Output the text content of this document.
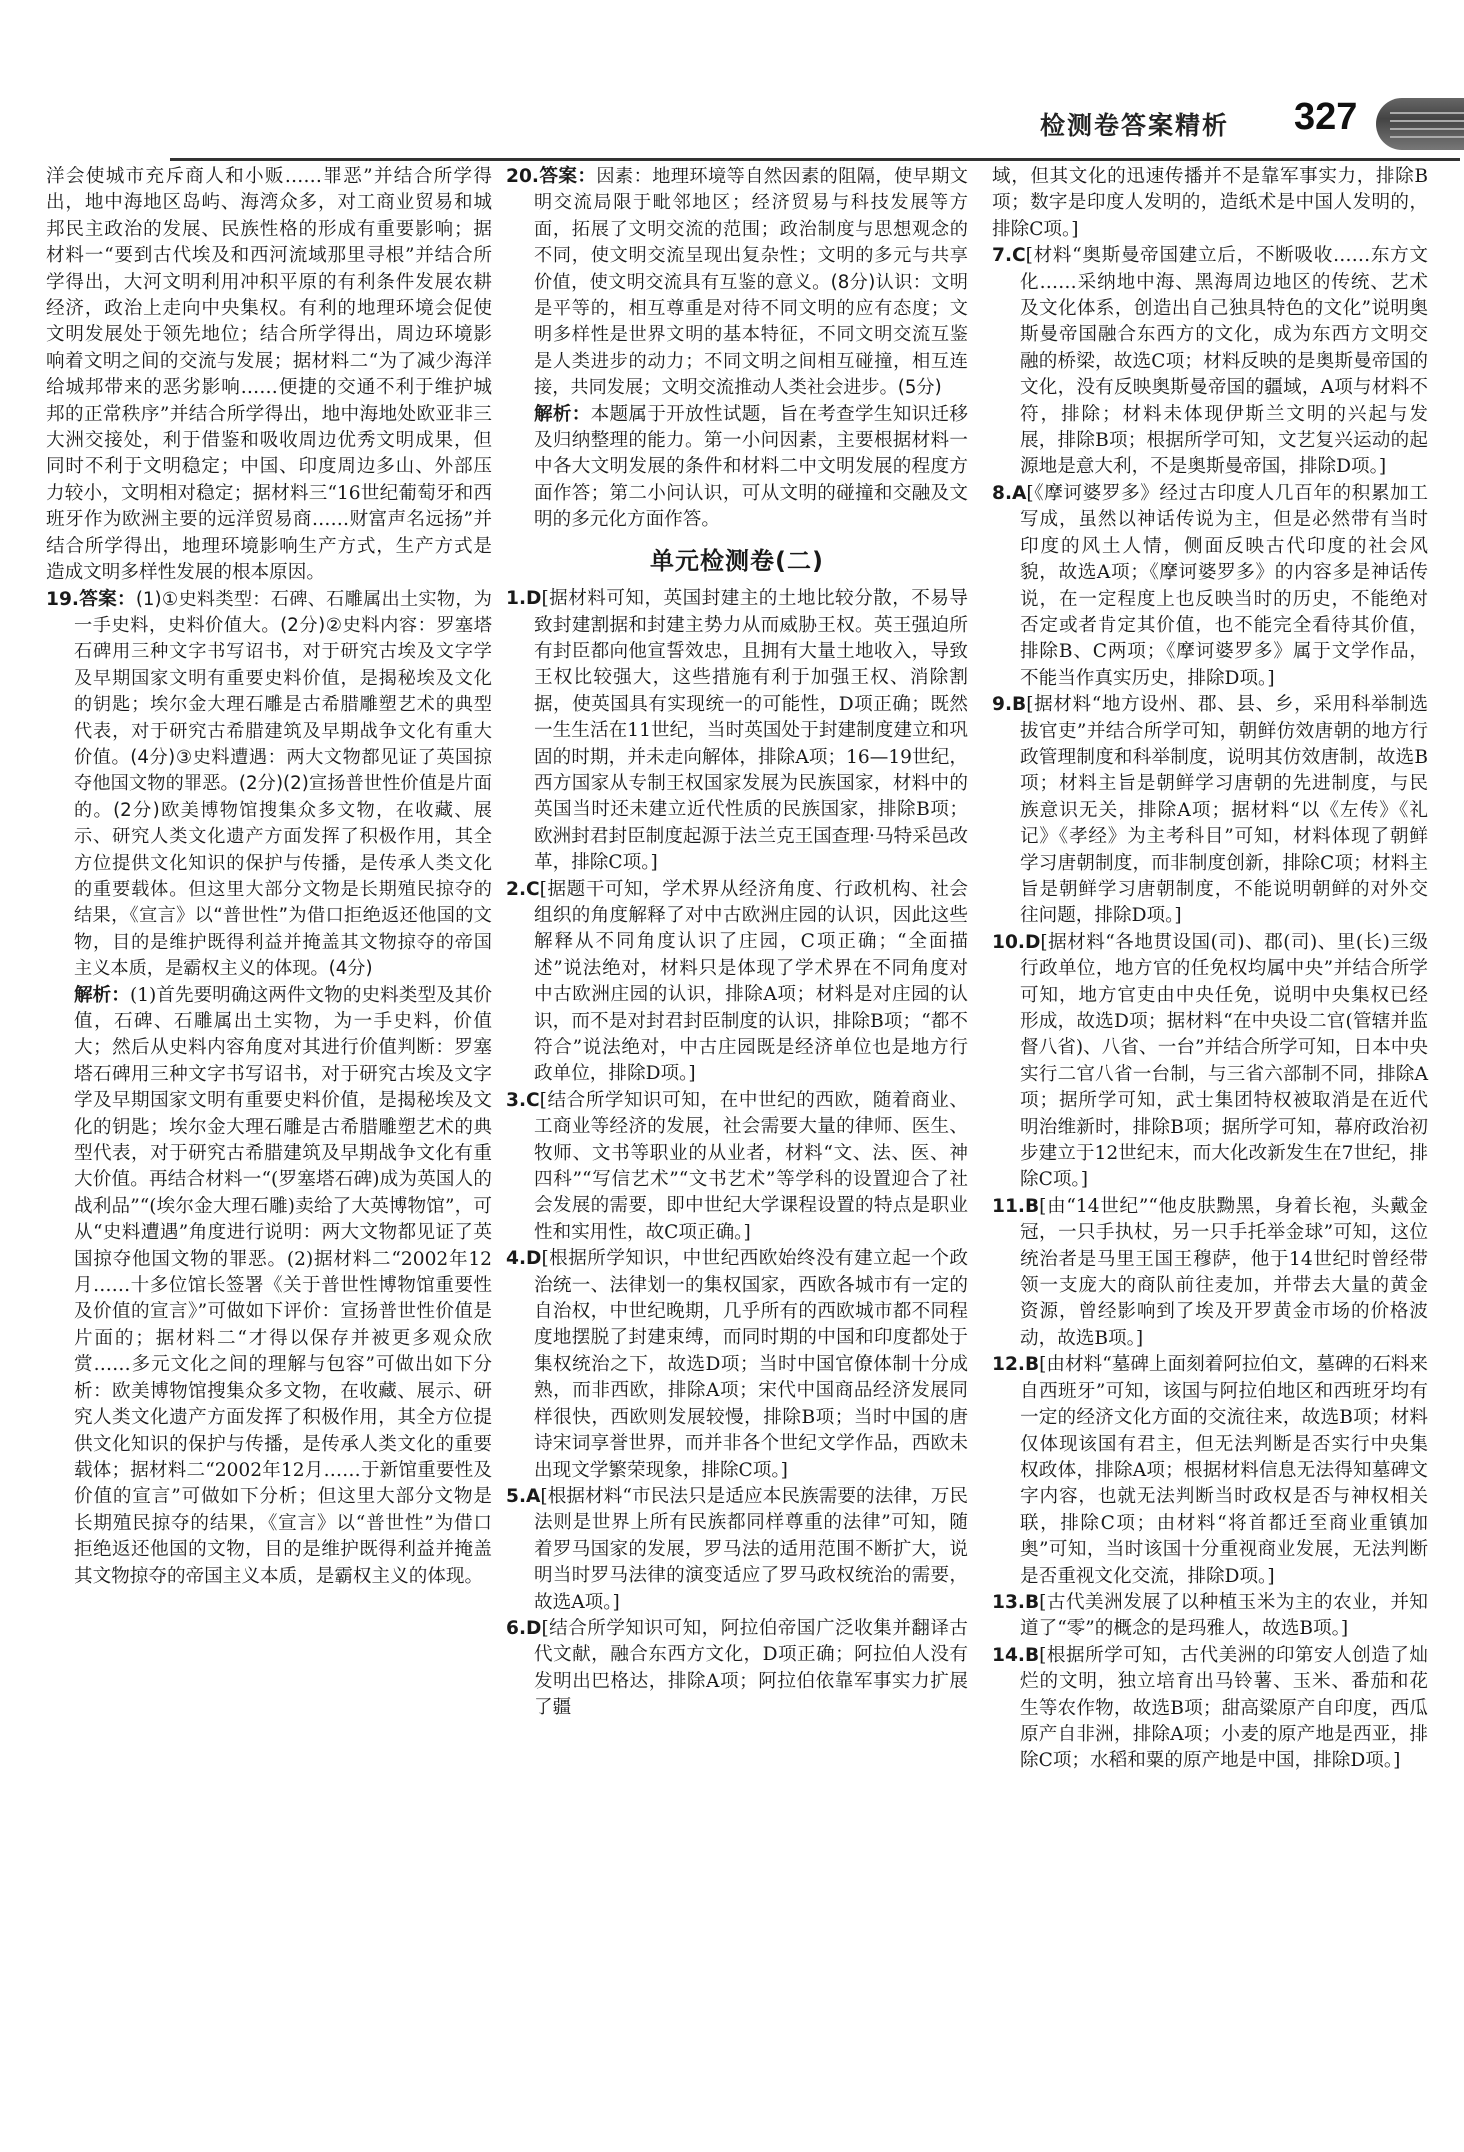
检测卷答案精析 327

洋会使城市充斥商人和小贩……罪恶”并结合所学得出，地中海地区岛屿、海湾众多，对工商业贸易和城邦民主政治的发展、民族性格的形成有重要影响；据材料一“要到古代埃及和西河流域那里寻根”并结合所学得出，大河文明利用冲积平原的有利条件发展农耕经济，政治上走向中央集权。有利的地理环境会促使文明发展处于领先地位；结合所学得出，周边环境影响着文明之间的交流与发展；据材料二“为了减少海洋给城邦带来的恶劣影响……便捷的交通不利于维护城邦的正常秩序”并结合所学得出，地中海地处欧亚非三大洲交接处，利于借鉴和吸收周边优秀文明成果，但同时不利于文明稳定；中国、印度周边多山、外部压力较小，文明相对稳定；据材料三“16世纪葡萄牙和西班牙作为欧洲主要的远洋贸易商……财富声名远扬”并结合所学得出，地理环境影响生产方式，生产方式是造成文明多样性发展的根本原因。

19.答案：(1)①史料类型：石碑、石雕属出土实物，为一手史料，史料价值大。(2分)②史料内容：罗塞塔石碑用三种文字书写诏书，对于研究古埃及文字学及早期国家文明有重要史料价值，是揭秘埃及文化的钥匙；埃尔金大理石雕是古希腊雕塑艺术的典型代表，对于研究古希腊建筑及早期战争文化有重大价值。(4分)③史料遭遇：两大文物都见证了英国掠夺他国文物的罪恶。(2分)(2)宣扬普世性价值是片面的。(2分)欧美博物馆搜集众多文物，在收藏、展示、研究人类文化遗产方面发挥了积极作用，其全方位提供文化知识的保护与传播，是传承人类文化的重要载体。但这里大部分文物是长期殖民掠夺的结果，《宣言》以“普世性”为借口拒绝返还他国的文物，目的是维护既得利益并掩盖其文物掠夺的帝国主义本质，是霸权主义的体现。(4分)

解析：(1)首先要明确这两件文物的史料类型及其价值，石碑、石雕属出土实物，为一手史料，价值大；然后从史料内容角度对其进行价值判断：罗塞塔石碑用三种文字书写诏书，对于研究古埃及文字学及早期国家文明有重要史料价值，是揭秘埃及文化的钥匙；埃尔金大理石雕是古希腊雕塑艺术的典型代表，对于研究古希腊建筑及早期战争文化有重大价值。再结合材料一“(罗塞塔石碑)成为英国人的战利品”“(埃尔金大理石雕)卖给了大英博物馆”，可从“史料遭遇”角度进行说明：两大文物都见证了英国掠夺他国文物的罪恶。(2)据材料二“2002年12月……十多位馆长签署《关于普世性博物馆重要性及价值的宣言》”可做如下评价：宣扬普世性价值是片面的；据材料二“才得以保存并被更多观众欣赏……多元文化之间的理解与包容”可做出如下分析：欧美博物馆搜集众多文物，在收藏、展示、研究人类文化遗产方面发挥了积极作用，其全方位提供文化知识的保护与传播，是传承人类文化的重要载体；据材料二“2002年12月……于新馆重要性及价值的宣言”可做如下分析；但这里大部分文物是长期殖民掠夺的结果，《宣言》以“普世性”为借口拒绝返还他国的文物，目的是维护既得利益并掩盖其文物掠夺的帝国主义本质，是霸权主义的体现。

20.答案：因素：地理环境等自然因素的阻隔，使早期文明交流局限于毗邻地区；经济贸易与科技发展等方面，拓展了文明交流的范围；政治制度与思想观念的不同，使文明交流呈现出复杂性；文明的多元与共享价值，使文明交流具有互鉴的意义。(8分)认识：文明是平等的，相互尊重是对待不同文明的应有态度；文明多样性是世界文明的基本特征，不同文明交流互鉴是人类进步的动力；不同文明之间相互碰撞，相互连接，共同发展；文明交流推动人类社会进步。(5分)

解析：本题属于开放性试题，旨在考查学生知识迁移及归纳整理的能力。第一小问因素，主要根据材料一中各大文明发展的条件和材料二中文明发展的程度方面作答；第二小问认识，可从文明的碰撞和交融及文明的多元化方面作答。

单元检测卷(二)

1.D[据材料可知，英国封建主的土地比较分散，不易导致封建割据和封建主势力从而威胁王权。英王强迫所有封臣都向他宣誓效忠，且拥有大量土地收入，导致王权比较强大，这些措施有利于加强王权、消除割据，使英国具有实现统一的可能性，D项正确；既然一生生活在11世纪，当时英国处于封建制度建立和巩固的时期，并未走向解体，排除A项；16—19世纪，西方国家从专制王权国家发展为民族国家，材料中的英国当时还未建立近代性质的民族国家，排除B项；欧洲封君封臣制度起源于法兰克王国查理·马特采邑改革，排除C项。]

2.C[据题干可知，学术界从经济角度、行政机构、社会组织的角度解释了对中古欧洲庄园的认识，因此这些解释从不同角度认识了庄园，C项正确；“全面描述”说法绝对，材料只是体现了学术界在不同角度对中古欧洲庄园的认识，排除A项；材料是对庄园的认识，而不是对封君封臣制度的认识，排除B项；“都不符合”说法绝对，中古庄园既是经济单位也是地方行政单位，排除D项。]

3.C[结合所学知识可知，在中世纪的西欧，随着商业、工商业等经济的发展，社会需要大量的律师、医生、牧师、文书等职业的从业者，材料“文、法、医、神四科”“写信艺术”“文书艺术”等学科的设置迎合了社会发展的需要，即中世纪大学课程设置的特点是职业性和实用性，故C项正确。]

4.D[根据所学知识，中世纪西欧始终没有建立起一个政治统一、法律划一的集权国家，西欧各城市有一定的自治权，中世纪晚期，几乎所有的西欧城市都不同程度地摆脱了封建束缚，而同时期的中国和印度都处于集权统治之下，故选D项；当时中国官僚体制十分成熟，而非西欧，排除A项；宋代中国商品经济发展同样很快，西欧则发展较慢，排除B项；当时中国的唐诗宋词享誉世界，而并非各个世纪文学作品，西欧未出现文学繁荣现象，排除C项。]

5.A[根据材料“市民法只是适应本民族需要的法律，万民法则是世界上所有民族都同样尊重的法律”可知，随着罗马国家的发展，罗马法的适用范围不断扩大，说明当时罗马法律的演变适应了罗马政权统治的需要，故选A项。]

6.D[结合所学知识可知，阿拉伯帝国广泛收集并翻译古代文献，融合东西方文化，D项正确；阿拉伯人没有发明出巴格达，排除A项；阿拉伯依靠军事实力扩展了疆

域，但其文化的迅速传播并不是靠军事实力，排除B项；数字是印度人发明的，造纸术是中国人发明的，排除C项。]

7.C[材料“奥斯曼帝国建立后，不断吸收……东方文化……采纳地中海、黑海周边地区的传统、艺术及文化体系，创造出自己独具特色的文化”说明奥斯曼帝国融合东西方的文化，成为东西方文明交融的桥梁，故选C项；材料反映的是奥斯曼帝国的文化，没有反映奥斯曼帝国的疆域，A项与材料不符，排除；材料未体现伊斯兰文明的兴起与发展，排除B项；根据所学可知，文艺复兴运动的起源地是意大利，不是奥斯曼帝国，排除D项。]

8.A[《摩诃婆罗多》经过古印度人几百年的积累加工写成，虽然以神话传说为主，但是必然带有当时印度的风土人情，侧面反映古代印度的社会风貌，故选A项；《摩诃婆罗多》的内容多是神话传说，在一定程度上也反映当时的历史，不能绝对否定或者肯定其价值，也不能完全看待其价值，排除B、C两项；《摩诃婆罗多》属于文学作品，不能当作真实历史，排除D项。]

9.B[据材料“地方设州、郡、县、乡，采用科举制选拔官吏”并结合所学可知，朝鲜仿效唐朝的地方行政管理制度和科举制度，说明其仿效唐制，故选B项；材料主旨是朝鲜学习唐朝的先进制度，与民族意识无关，排除A项；据材料“以《左传》《礼记》《孝经》为主考科目”可知，材料体现了朝鲜学习唐朝制度，而非制度创新，排除C项；材料主旨是朝鲜学习唐朝制度，不能说明朝鲜的对外交往问题，排除D项。]

10.D[据材料“各地贯设国(司)、郡(司)、里(长)三级行政单位，地方官的任免权均属中央”并结合所学可知，地方官吏由中央任免，说明中央集权已经形成，故选D项；据材料“在中央设二官(管辖并监督八省)、八省、一台”并结合所学可知，日本中央实行二官八省一台制，与三省六部制不同，排除A项；据所学可知，武士集团特权被取消是在近代明治维新时，排除B项；据所学可知，幕府政治初步建立于12世纪末，而大化改新发生在7世纪，排除C项。]

11.B[由“14世纪”“他皮肤黝黑，身着长袍，头戴金冠，一只手执杖，另一只手托举金球”可知，这位统治者是马里王国王穆萨，他于14世纪时曾经带领一支庞大的商队前往麦加，并带去大量的黄金资源，曾经影响到了埃及开罗黄金市场的价格波动，故选B项。]

12.B[由材料“墓碑上面刻着阿拉伯文，墓碑的石料来自西班牙”可知，该国与阿拉伯地区和西班牙均有一定的经济文化方面的交流往来，故选B项；材料仅体现该国有君主，但无法判断是否实行中央集权政体，排除A项；根据材料信息无法得知墓碑文字内容，也就无法判断当时政权是否与神权相关联，排除C项；由材料“将首都迁至商业重镇加奥”可知，当时该国十分重视商业发展，无法判断是否重视文化交流，排除D项。]

13.B[古代美洲发展了以种植玉米为主的农业，并知道了“零”的概念的是玛雅人，故选B项。]

14.B[根据所学可知，古代美洲的印第安人创造了灿烂的文明，独立培育出马铃薯、玉米、番茄和花生等农作物，故选B项；甜高粱原产自印度，西瓜原产自非洲，排除A项；小麦的原产地是西亚，排除C项；水稻和粟的原产地是中国，排除D项。]
